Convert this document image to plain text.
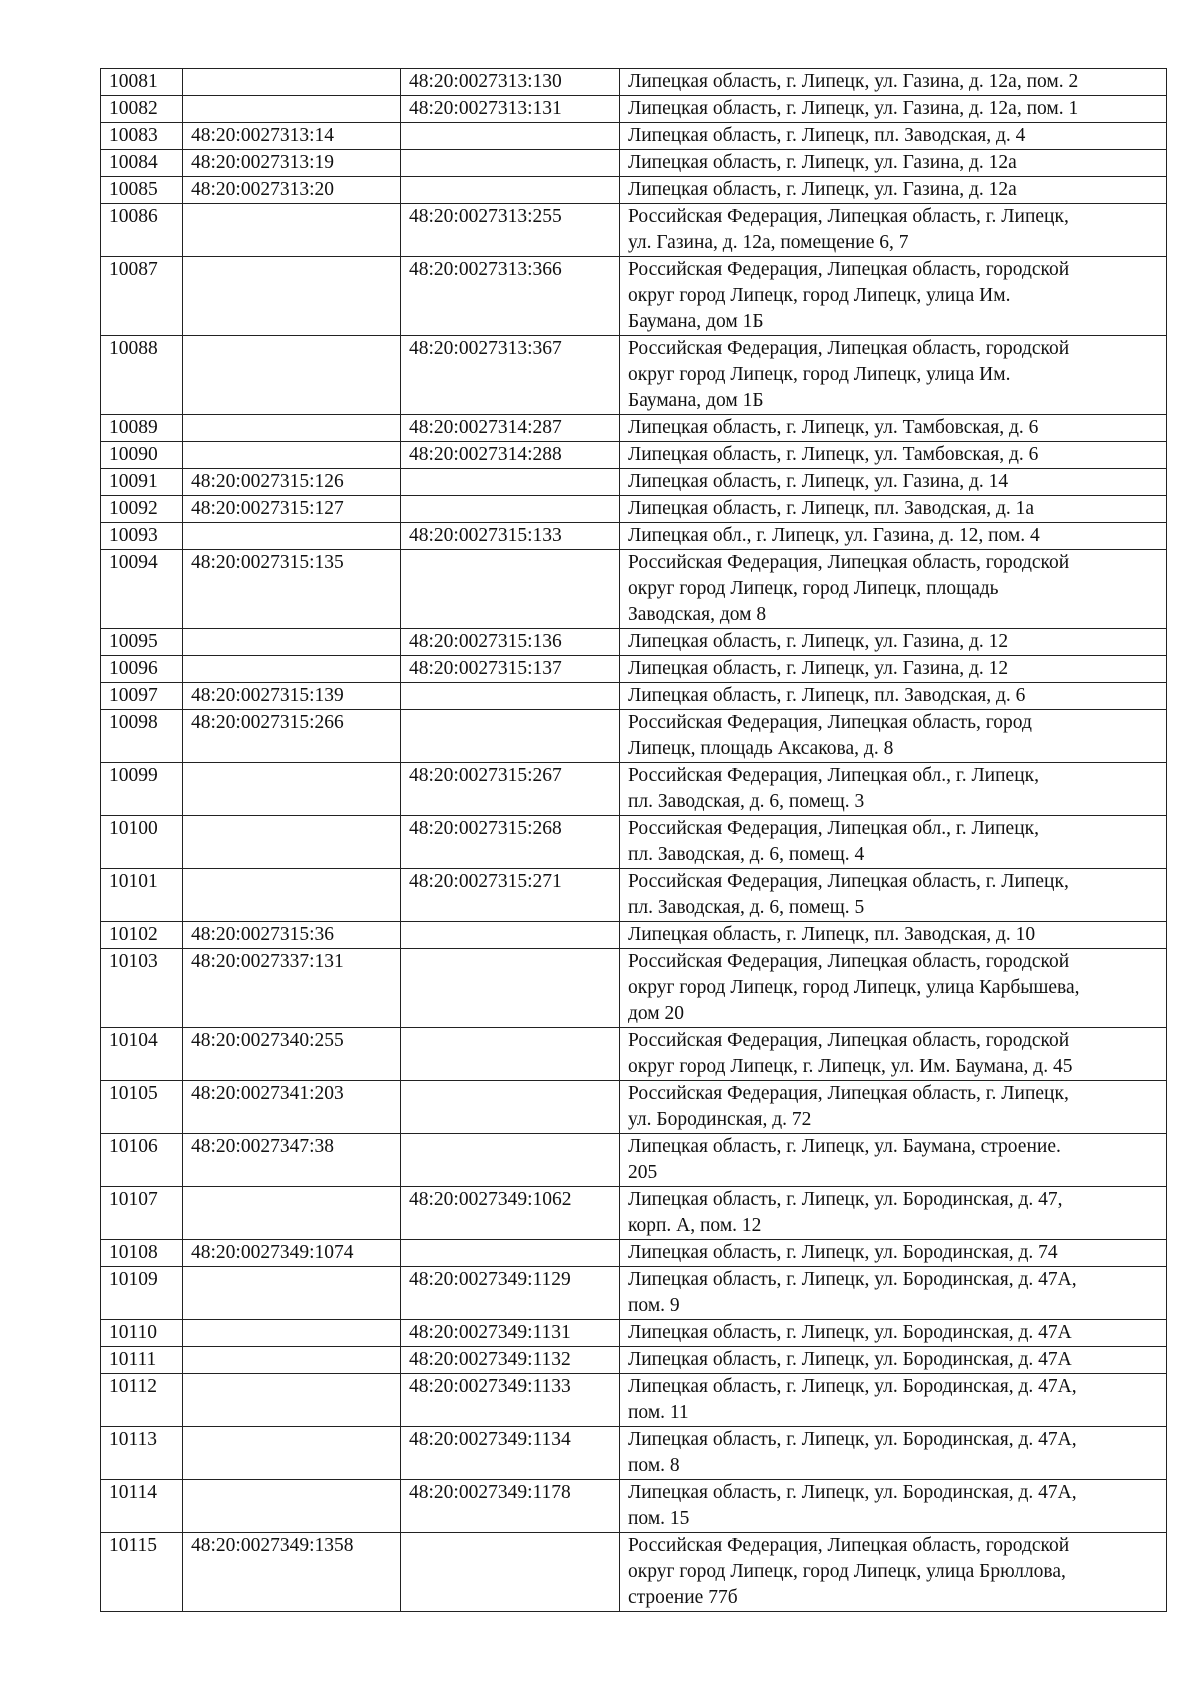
10081		48:20:0027313:130	Липецкая область, г. Липецк, ул. Газина, д. 12а, пом. 2
10082		48:20:0027313:131	Липецкая область, г. Липецк, ул. Газина, д. 12а, пом. 1
10083	48:20:0027313:14		Липецкая область, г. Липецк, пл. Заводская, д. 4
10084	48:20:0027313:19		Липецкая область, г. Липецк, ул. Газина, д. 12а
10085	48:20:0027313:20		Липецкая область, г. Липецк, ул. Газина, д. 12а
10086		48:20:0027313:255	Российская Федерация, Липецкая область, г. Липецк,
ул. Газина, д. 12а, помещение 6, 7
10087		48:20:0027313:366	Российская Федерация, Липецкая область, городской
округ город Липецк, город Липецк, улица Им.
Баумана, дом 1Б
10088		48:20:0027313:367	Российская Федерация, Липецкая область, городской
округ город Липецк, город Липецк, улица Им.
Баумана, дом 1Б
10089		48:20:0027314:287	Липецкая область, г. Липецк, ул. Тамбовская, д. 6
10090		48:20:0027314:288	Липецкая область, г. Липецк, ул. Тамбовская, д. 6
10091	48:20:0027315:126		Липецкая область, г. Липецк, ул. Газина, д. 14
10092	48:20:0027315:127		Липецкая область, г. Липецк, пл. Заводская, д. 1а
10093		48:20:0027315:133	Липецкая обл., г. Липецк, ул. Газина, д. 12, пом. 4
10094	48:20:0027315:135		Российская Федерация, Липецкая область, городской
округ город Липецк, город Липецк, площадь
Заводская, дом 8
10095		48:20:0027315:136	Липецкая область, г. Липецк, ул. Газина, д. 12
10096		48:20:0027315:137	Липецкая область, г. Липецк, ул. Газина, д. 12
10097	48:20:0027315:139		Липецкая область, г. Липецк, пл. Заводская, д. 6
10098	48:20:0027315:266		Российская Федерация, Липецкая область, город
Липецк, площадь Аксакова, д. 8
10099		48:20:0027315:267	Российская Федерация, Липецкая обл., г. Липецк,
пл. Заводская, д. 6, помещ. 3
10100		48:20:0027315:268	Российская Федерация, Липецкая обл., г. Липецк,
пл. Заводская, д. 6, помещ. 4
10101		48:20:0027315:271	Российская Федерация, Липецкая область, г. Липецк,
пл. Заводская, д. 6, помещ. 5
10102	48:20:0027315:36		Липецкая область, г. Липецк, пл. Заводская, д. 10
10103	48:20:0027337:131		Российская Федерация, Липецкая область, городской
округ город Липецк, город Липецк, улица Карбышева,
дом 20
10104	48:20:0027340:255		Российская Федерация, Липецкая область, городской
округ город Липецк, г. Липецк, ул. Им. Баумана, д. 45
10105	48:20:0027341:203		Российская Федерация, Липецкая область, г. Липецк,
ул. Бородинская, д. 72
10106	48:20:0027347:38		Липецкая область, г. Липецк, ул. Баумана, строение.
205
10107		48:20:0027349:1062	Липецкая область, г. Липецк, ул. Бородинская, д. 47,
корп. А, пом. 12
10108	48:20:0027349:1074		Липецкая область, г. Липецк, ул. Бородинская, д. 74
10109		48:20:0027349:1129	Липецкая область, г. Липецк, ул. Бородинская, д. 47А,
пом. 9
10110		48:20:0027349:1131	Липецкая область, г. Липецк, ул. Бородинская, д. 47А
10111		48:20:0027349:1132	Липецкая область, г. Липецк, ул. Бородинская, д. 47А
10112		48:20:0027349:1133	Липецкая область, г. Липецк, ул. Бородинская, д. 47А,
пом. 11
10113		48:20:0027349:1134	Липецкая область, г. Липецк, ул. Бородинская, д. 47А,
пом. 8
10114		48:20:0027349:1178	Липецкая область, г. Липецк, ул. Бородинская, д. 47А,
пом. 15
10115	48:20:0027349:1358		Российская Федерация, Липецкая область, городской
округ город Липецк, город Липецк, улица Брюллова,
строение 77б
